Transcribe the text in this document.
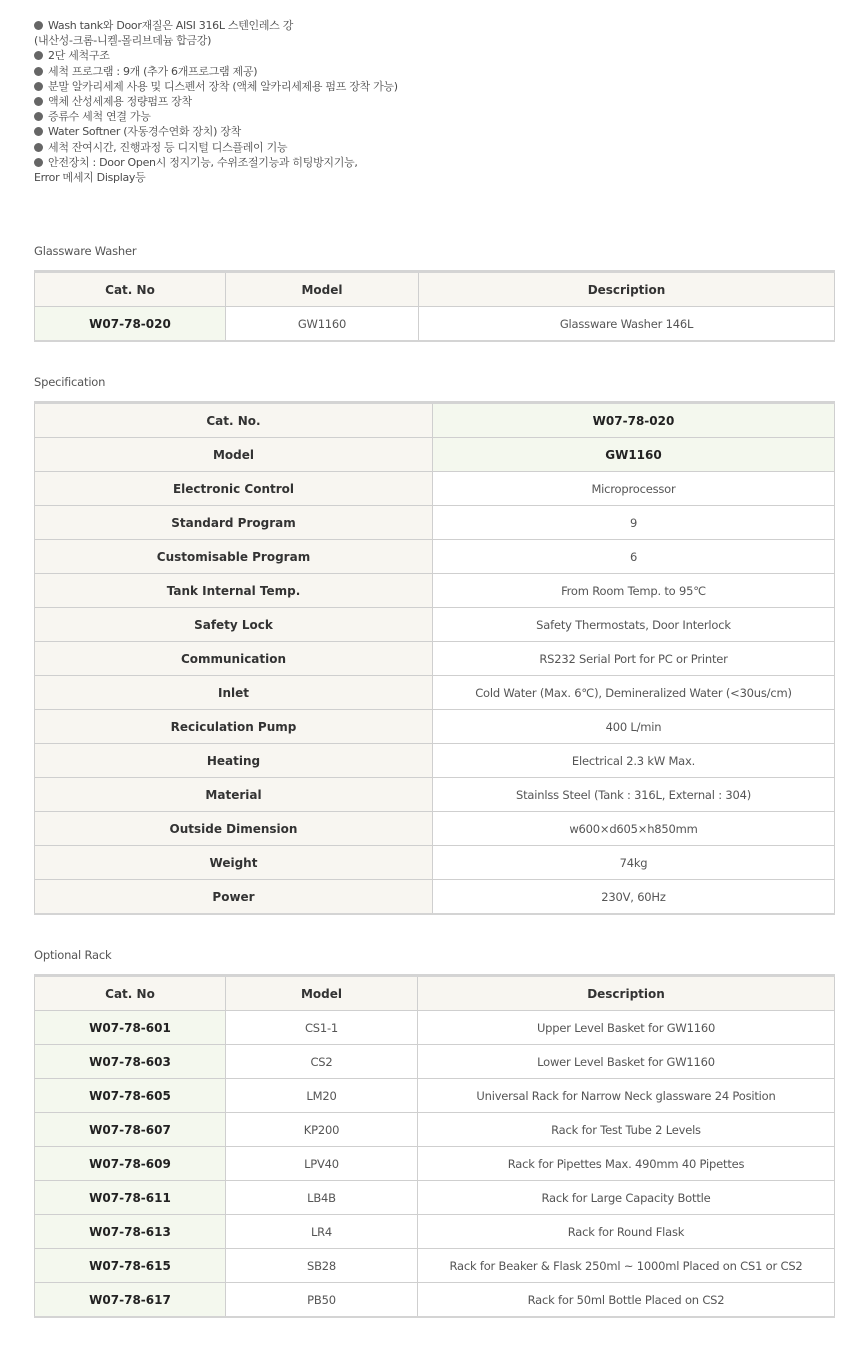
Wash tank와 Door재질은 AISI 316L 스텐인레스 강
(내산성-크롬-니켈-몰리브데늄 합금강)
2단 세척구조
세척 프로그램 : 9개 (추가 6개프로그램 제공)
분말 알카리세제 사용 및 디스펜서 장착 (액체 알카리세제용 펌프 장착 가능)
액체 산성세제용 정량펌프 장착
증류수 세척 연결 가능
Water Softner (자동경수연화 장치) 장착
세척 잔여시간, 진행과정 등 디지털 디스플레이 기능
안전장치 : Door Open시 정지기능, 수위조절기능과 히팅방지기능,
Error 메세지 Display등
Glassware Washer
Cat. No	Model	Description
W07-78-020	GW1160	Glassware Washer 146L
Specification
Cat. No.	W07-78-020
Model	GW1160
Electronic Control	Microprocessor
Standard Program	9
Customisable Program	6
Tank Internal Temp.	From Room Temp. to 95℃
Safety Lock	Safety Thermostats, Door Interlock
Communication	RS232 Serial Port for PC or Printer
Inlet	Cold Water (Max. 6℃), Demineralized Water (<30us/cm)
Reciculation Pump	400 L/min
Heating	Electrical 2.3 kW Max.
Material	Stainlss Steel (Tank : 316L, External : 304)
Outside Dimension	w600×d605×h850mm
Weight	74kg
Power	230V, 60Hz
Optional Rack
Cat. No	Model	Description
W07-78-601	CS1-1	Upper Level Basket for GW1160
W07-78-603	CS2	Lower Level Basket for GW1160
W07-78-605	LM20	Universal Rack for Narrow Neck glassware 24 Position
W07-78-607	KP200	Rack for Test Tube 2 Levels
W07-78-609	LPV40	Rack for Pipettes Max. 490mm 40 Pipettes
W07-78-611	LB4B	Rack for Large Capacity Bottle
W07-78-613	LR4	Rack for Round Flask
W07-78-615	SB28	Rack for Beaker & Flask 250ml ~ 1000ml Placed on CS1 or CS2
W07-78-617	PB50	Rack for 50ml Bottle Placed on CS2
